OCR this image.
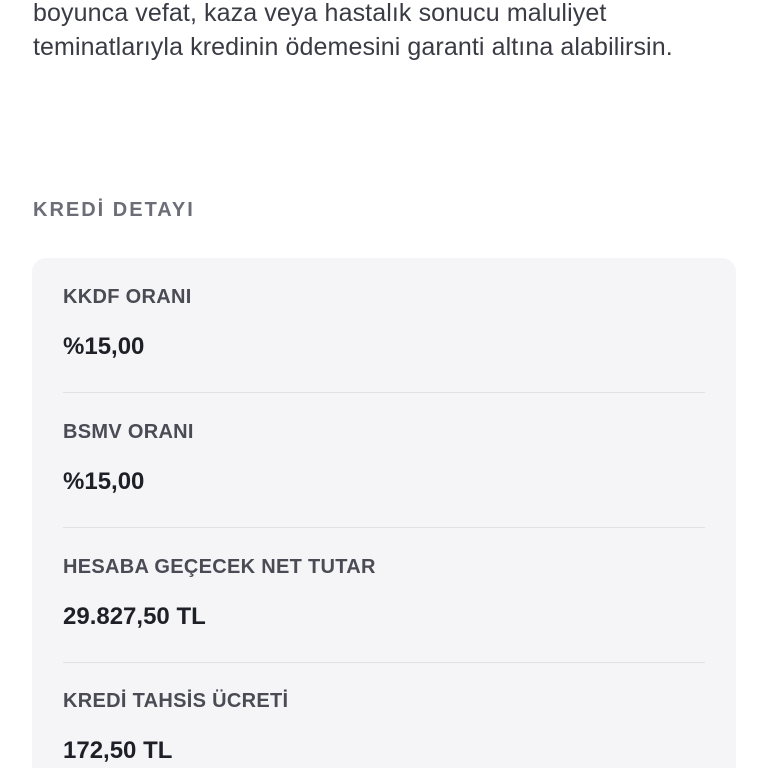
boyunca vefat, kaza veya hastalık sonucu maluliyet teminatlarıyla kredinin ödemesini garanti altına alabilirsin.

KREDİ DETAYI
KKDF ORANI
%15,00
BSMV ORANI
%15,00
HESABA GEÇECEK NET TUTAR
29.827,50 TL
KREDİ TAHSİS ÜCRETİ
172,50 TL
